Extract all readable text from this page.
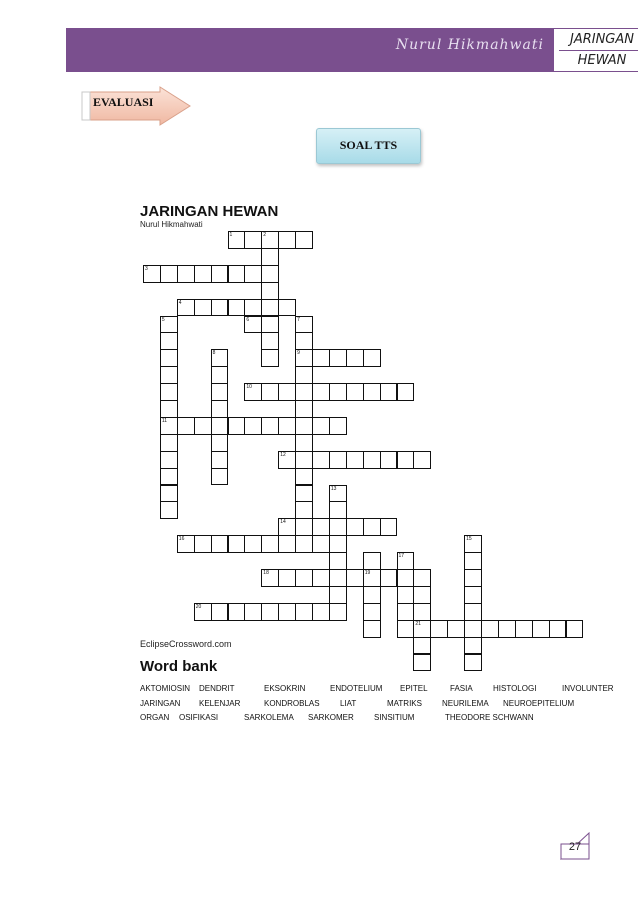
Nurul Hikmahwati	JARINGAN
HEWAN
EVALUASI
SOAL TTS
JARINGAN HEWAN
Nurul Hikmahwati
1	2
3
4
5
11
6	7
9
8
10
12
13
14
16	15
19
17
18
21
20
EclipseCrossword.com
Word bank
AKTOMIOSIN DENDRIT	EKSOKRIN	ENDOTELIUM EPITEL	FASIA	HISTOLOGI	INVOLUNTER
JARINGAN KELENJAR	KONDROBLAS	LIAT	MATRIKS	NEURILEMA NEUROEPITELIUM
ORGAN OSIFIKASI	SARKOLEMA SARKOMER	SINSITIUM	THEODORE SCHWANN
27
